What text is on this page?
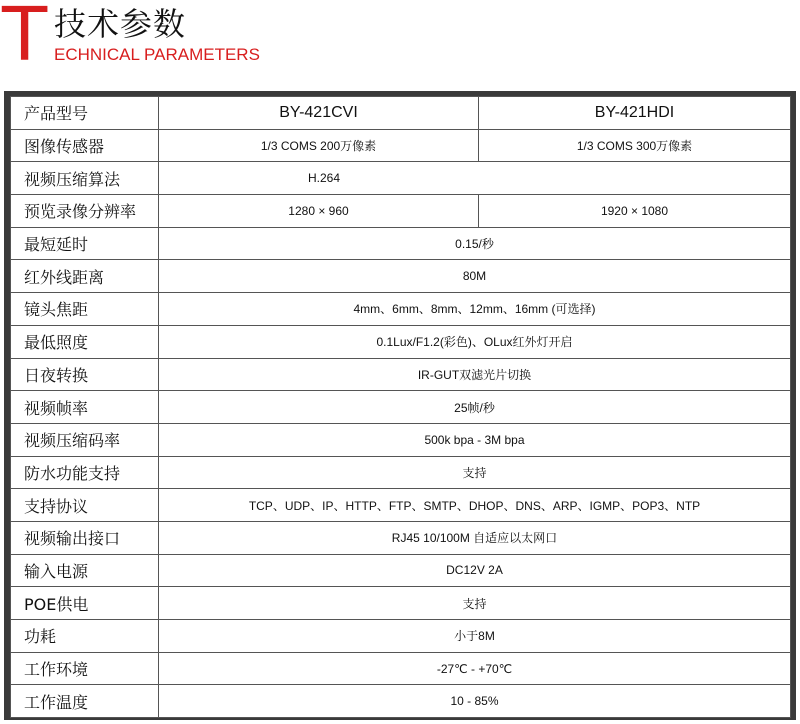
T 技术参数
ECHNICAL PARAMETERS
产品型号	BY-421CVI	BY-421HDI
图像传感器	1/3 COMS 200万像素	1/3 COMS 300万像素
视频压缩算法	H.264	
预览录像分辨率	1280 × 960	1920 × 1080
最短延时	0.15/秒	
红外线距离	80M	
镜头焦距	4mm、6mm、8mm、12mm、16mm (可选择)	
最低照度	0.1Lux/F1.2(彩色)、OLux红外灯开启	
日夜转换	IR-GUT双滤光片切换	
视频帧率	25帧/秒	
视频压缩码率	500k bpa - 3M bpa	
防水功能支持	支持	
支持协议	TCP、UDP、IP、HTTP、FTP、SMTP、DHOP、DNS、ARP、IGMP、POP3、NTP	
视频输出接口	RJ45 10/100M 自适应以太网口	
输入电源	DC12V 2A	
POE供电	支持	
功耗	小于8M	
工作环境	-27℃ - +70℃	
工作温度	10 - 85%	
